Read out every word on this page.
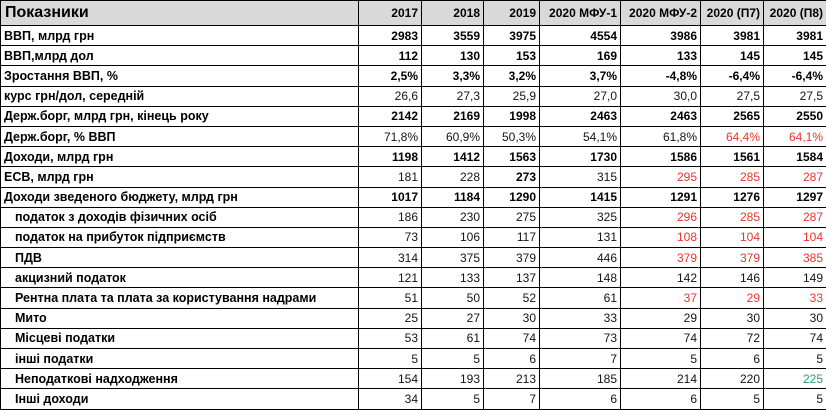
Показники	2017	2018	2019	2020 МФУ-1	2020 МФУ-2	2020 (П7)	2020 (П8)
ВВП, млрд грн	2983	3559	3975	4554	3986	3981	3981
ВВП,млрд дол	112	130	153	169	133	145	145
Зростання ВВП, %	2,5%	3,3%	3,2%	3,7%	-4,8%	-6,4%	-6,4%
курс грн/дол, середній	26,6	27,3	25,9	27,0	30,0	27,5	27,5
Держ.борг, млрд грн, кінець року	2142	2169	1998	2463	2463	2565	2550
Держ.борг, % ВВП	71,8%	60,9%	50,3%	54,1%	61,8%	64,4%	64,1%
Доходи, млрд грн	1198	1412	1563	1730	1586	1561	1584
ЕСВ, млрд грн	181	228	273	315	295	285	287
Доходи зведеного бюджету, млрд грн	1017	1184	1290	1415	1291	1276	1297
податок з доходів фізичних осіб	186	230	275	325	296	285	287
податок на прибуток підприємств	73	106	117	131	108	104	104
ПДВ	314	375	379	446	379	379	385
акцизний податок	121	133	137	148	142	146	149
Рентна плата та плата за користування надрами	51	50	52	61	37	29	33
Мито	25	27	30	33	29	30	30
Місцеві податки	53	61	74	73	74	72	74
інші податки	5	5	6	7	5	6	5
Неподаткові надходження	154	193	213	185	214	220	225
Інші доходи	34	5	7	6	6	5	5
